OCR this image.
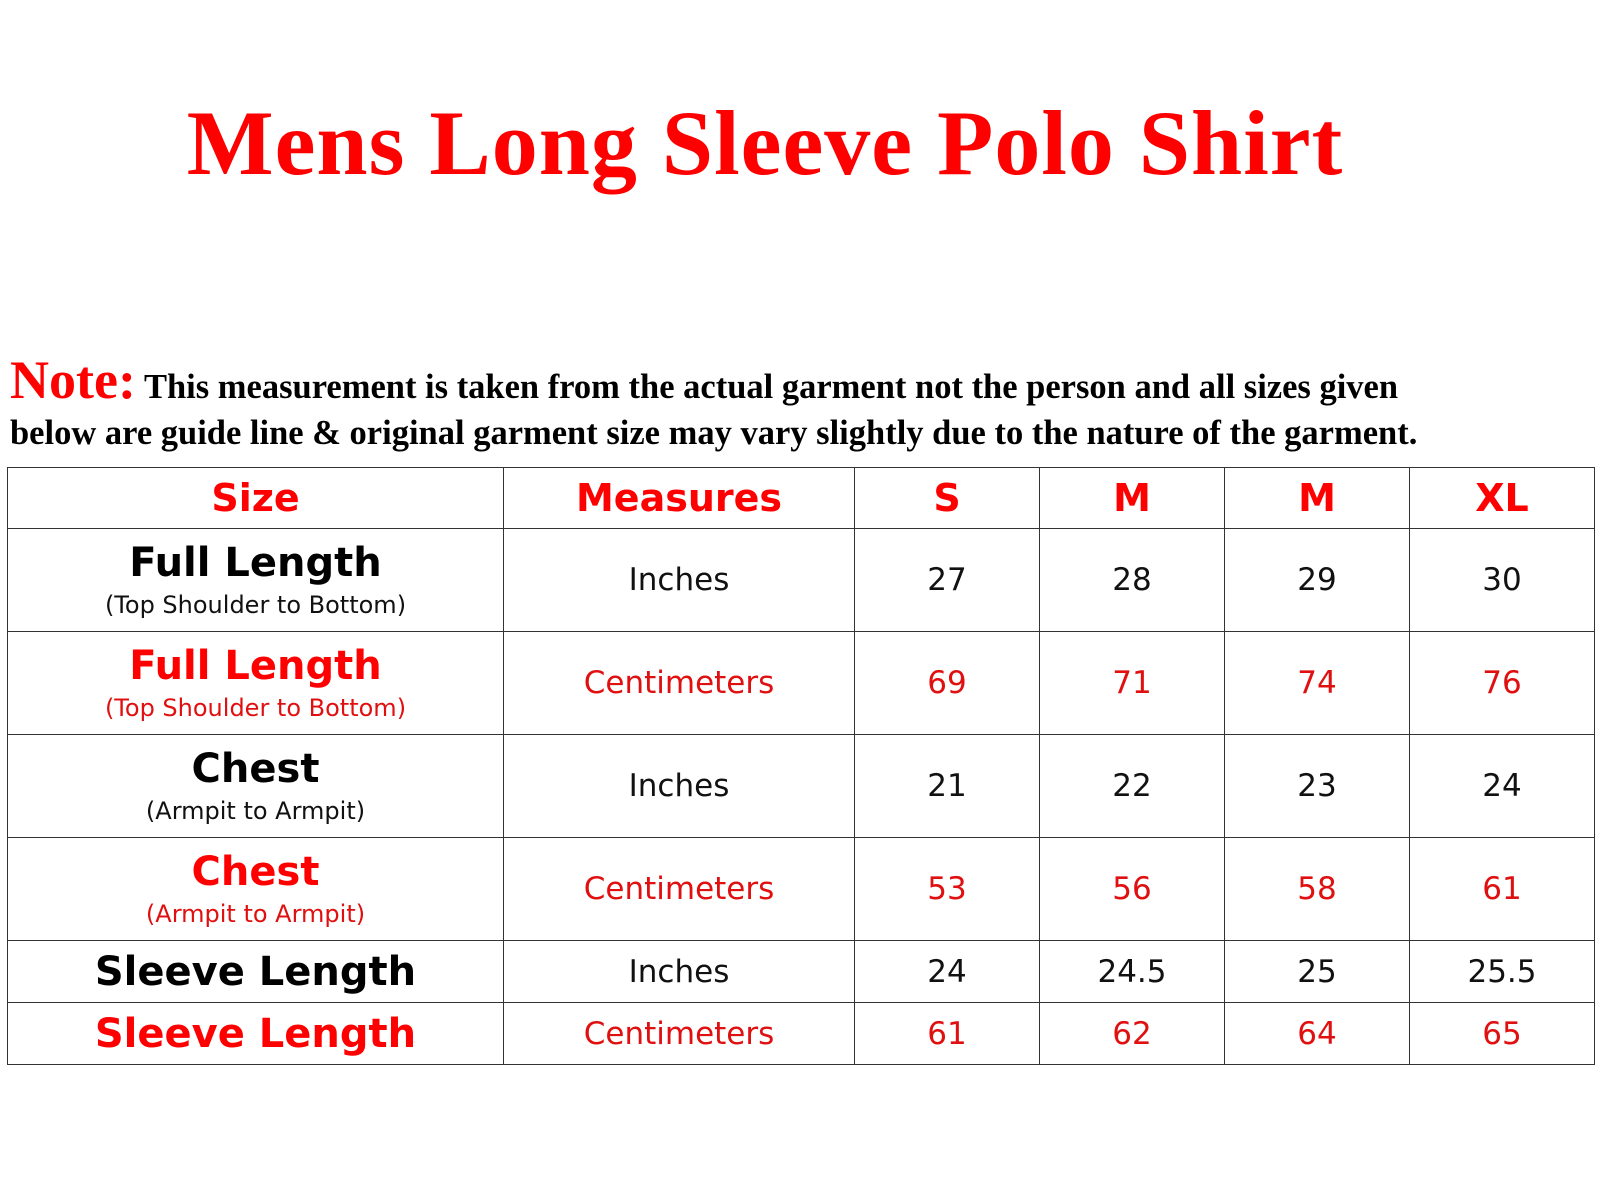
Mens Long Sleeve Polo Shirt

Note: This measurement is taken from the actual garment not the person and all sizes given
below are guide line & original garment size may vary slightly due to the nature of the garment.

Size	Measures	S	M	M	XL

Full Length
(Top Shoulder to Bottom)	Inches	27	28	29	30

Full Length
(Top Shoulder to Bottom)	Centimeters	69	71	74	76

Chest
(Armpit to Armpit)	Inches	21	22	23	24

Chest
(Armpit to Armpit)	Centimeters	53	56	58	61

Sleeve Length	Inches	24	24.5	25	25.5

Sleeve Length	Centimeters	61	62	64	65
